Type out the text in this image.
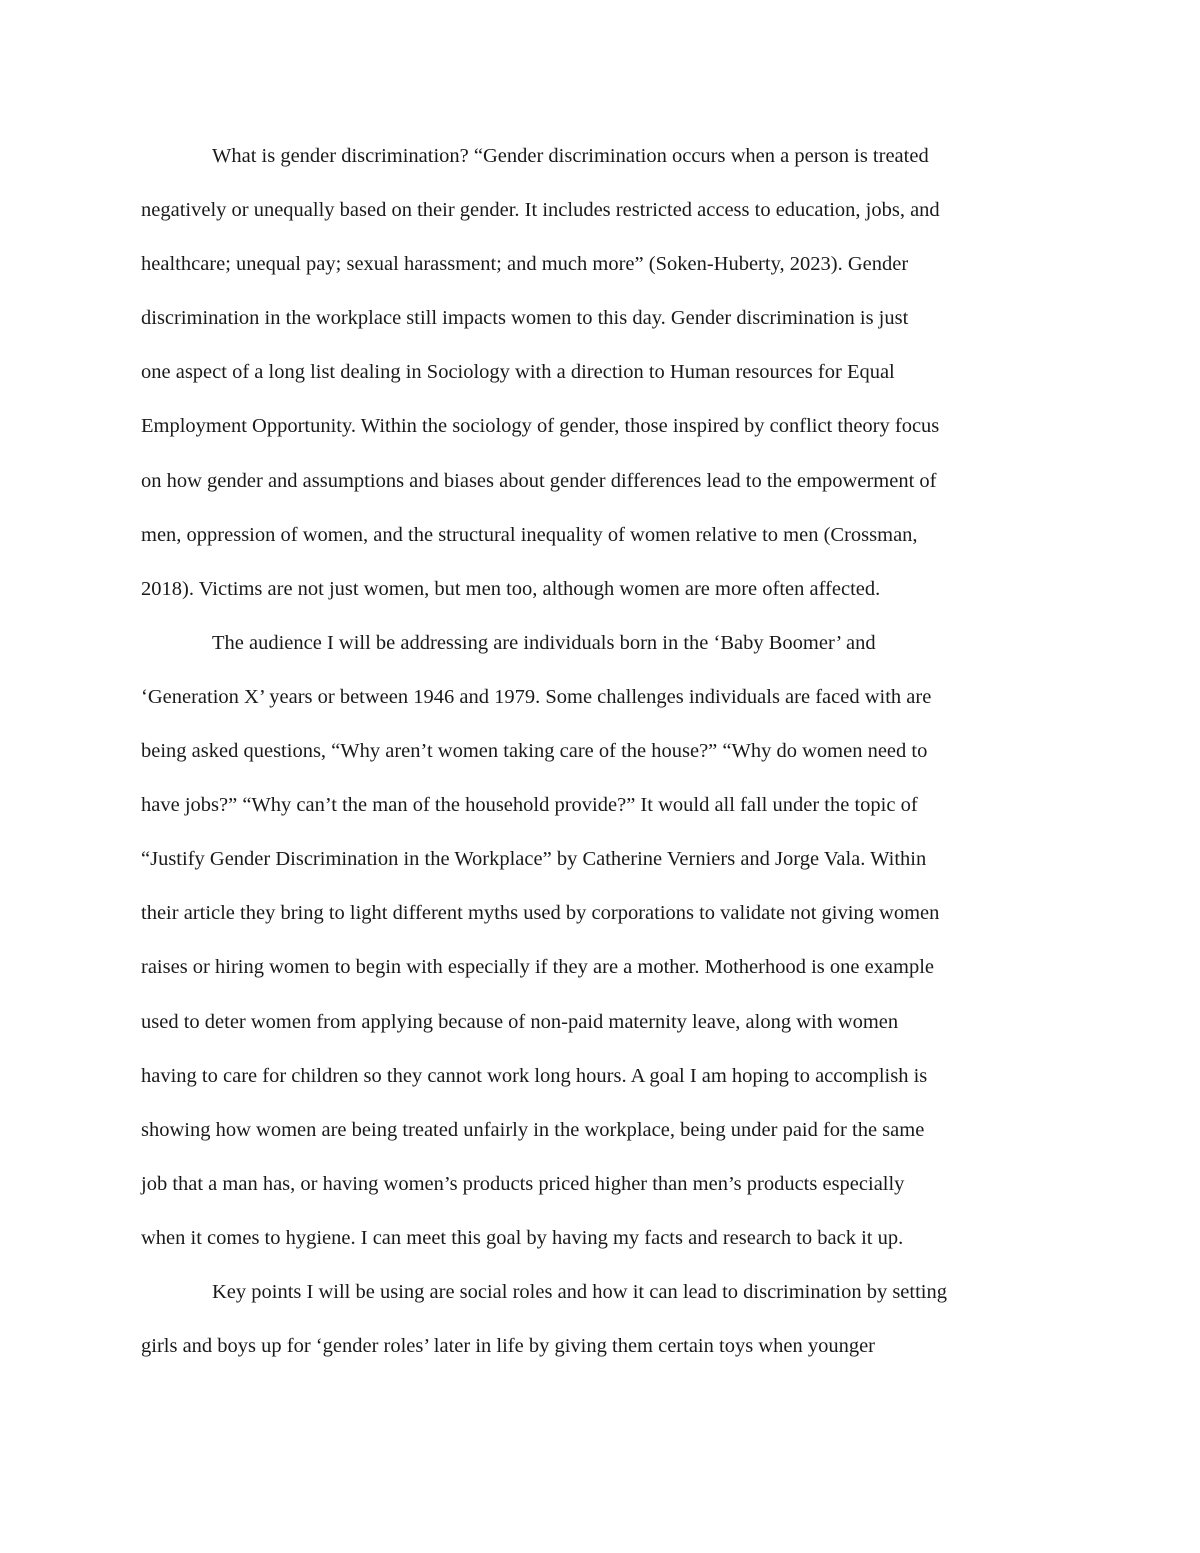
What is gender discrimination? “Gender discrimination occurs when a person is treated
negatively or unequally based on their gender. It includes restricted access to education, jobs, and
healthcare; unequal pay; sexual harassment; and much more” (Soken-Huberty, 2023). Gender
discrimination in the workplace still impacts women to this day. Gender discrimination is just
one aspect of a long list dealing in Sociology with a direction to Human resources for Equal
Employment Opportunity. Within the sociology of gender, those inspired by conflict theory focus
on how gender and assumptions and biases about gender differences lead to the empowerment of
men, oppression of women, and the structural inequality of women relative to men (Crossman,
2018). Victims are not just women, but men too, although women are more often affected.
The audience I will be addressing are individuals born in the ‘Baby Boomer’ and
‘Generation X’ years or between 1946 and 1979. Some challenges individuals are faced with are
being asked questions, “Why aren’t women taking care of the house?” “Why do women need to
have jobs?” “Why can’t the man of the household provide?” It would all fall under the topic of
“Justify Gender Discrimination in the Workplace” by Catherine Verniers and Jorge Vala. Within
their article they bring to light different myths used by corporations to validate not giving women
raises or hiring women to begin with especially if they are a mother. Motherhood is one example
used to deter women from applying because of non-paid maternity leave, along with women
having to care for children so they cannot work long hours. A goal I am hoping to accomplish is
showing how women are being treated unfairly in the workplace, being under paid for the same
job that a man has, or having women’s products priced higher than men’s products especially
when it comes to hygiene. I can meet this goal by having my facts and research to back it up.
Key points I will be using are social roles and how it can lead to discrimination by setting
girls and boys up for ‘gender roles’ later in life by giving them certain toys when younger
